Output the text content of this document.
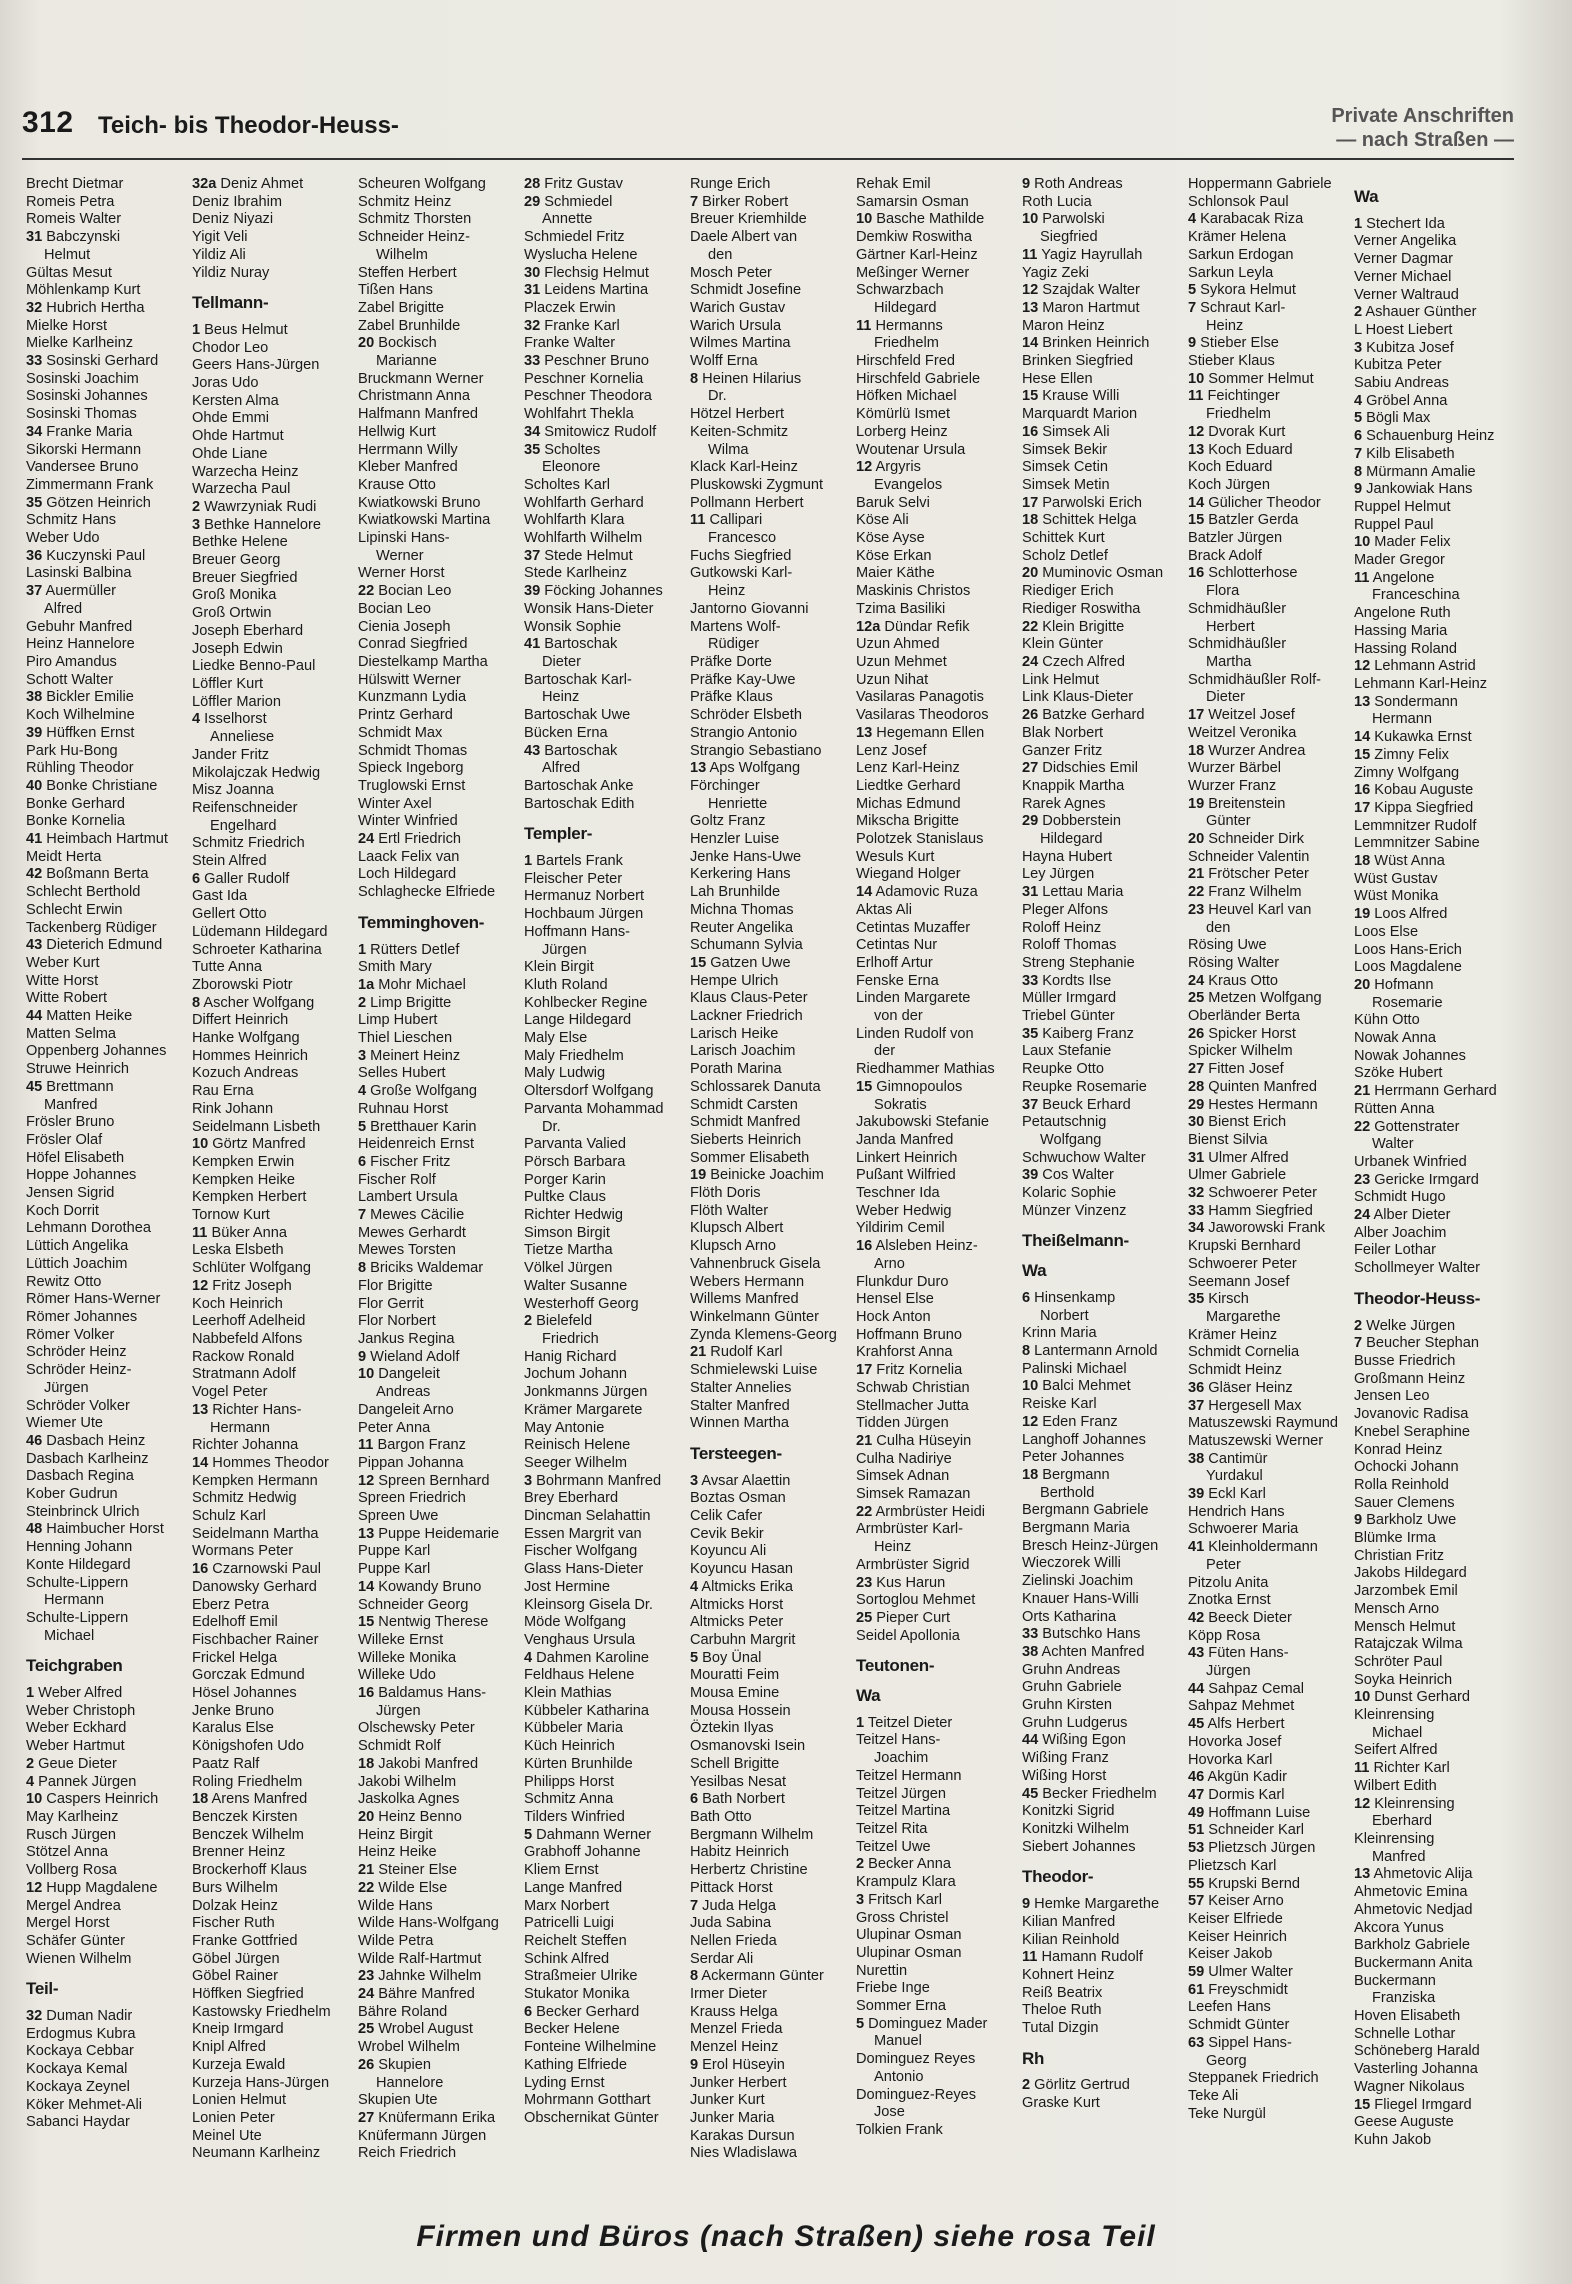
312 Teich- bis Theodor-Heuss-	Private Anschriften
— nach Straßen —
Brecht Dietmar
Romeis Petra
Romeis Walter
31 Babczynski
Helmut
Gültas Mesut
Möhlenkamp Kurt
32 Hubrich Hertha
Mielke Horst
Mielke Karlheinz
33 Sosinski Gerhard
Sosinski Joachim
Sosinski Johannes
Sosinski Thomas
34 Franke Maria
Sikorski Hermann
Vandersee Bruno
Zimmermann Frank
35 Götzen Heinrich
Schmitz Hans
Weber Udo
36 Kuczynski Paul
Lasinski Balbina
37 Auermüller
Alfred
Gebuhr Manfred
Heinz Hannelore
Piro Amandus
Schott Walter
38 Bickler Emilie
Koch Wilhelmine
39 Hüffken Ernst
Park Hu-Bong
Rühling Theodor
40 Bonke Christiane
Bonke Gerhard
Bonke Kornelia
41 Heimbach Hartmut
Meidt Herta
42 Boßmann Berta
Schlecht Berthold
Schlecht Erwin
Tackenberg Rüdiger
43 Dieterich Edmund
Weber Kurt
Witte Horst
Witte Robert
44 Matten Heike
Matten Selma
Oppenberg Johannes
Struwe Heinrich
45 Brettmann
Manfred
Frösler Bruno
Frösler Olaf
Höfel Elisabeth
Hoppe Johannes
Jensen Sigrid
Koch Dorrit
Lehmann Dorothea
Lüttich Angelika
Lüttich Joachim
Rewitz Otto
Römer Hans-Werner
Römer Johannes
Römer Volker
Schröder Heinz
Schröder Heinz-
Jürgen
Schröder Volker
Wiemer Ute
46 Dasbach Heinz
Dasbach Karlheinz
Dasbach Regina
Kober Gudrun
Steinbrinck Ulrich
48 Haimbucher Horst
Henning Johann
Konte Hildegard
Schulte-Lippern
Hermann
Schulte-Lippern
Michael
Teichgraben
1 Weber Alfred
Weber Christoph
Weber Eckhard
Weber Hartmut
2 Geue Dieter
4 Pannek Jürgen
10 Caspers Heinrich
May Karlheinz
Rusch Jürgen
Stötzel Anna
Vollberg Rosa
12 Hupp Magdalene
Mergel Andrea
Mergel Horst
Schäfer Günter
Wienen Wilhelm
Teil-
32 Duman Nadir
Erdogmus Kubra
Kockaya Cebbar
Kockaya Kemal
Kockaya Zeynel
Köker Mehmet-Ali
Sabanci Haydar
32a Deniz Ahmet
Deniz Ibrahim
Deniz Niyazi
Yigit Veli
Yildiz Ali
Yildiz Nuray
Tellmann-
1 Beus Helmut
Chodor Leo
Geers Hans-Jürgen
Joras Udo
Kersten Alma
Ohde Emmi
Ohde Hartmut
Ohde Liane
Warzecha Heinz
Warzecha Paul
2 Wawrzyniak Rudi
3 Bethke Hannelore
Bethke Helene
Breuer Georg
Breuer Siegfried
Groß Monika
Groß Ortwin
Joseph Eberhard
Joseph Edwin
Liedke Benno-Paul
Löffler Kurt
Löffler Marion
4 Isselhorst
Anneliese
Jander Fritz
Mikolajczak Hedwig
Misz Joanna
Reifenschneider
Engelhard
Schmitz Friedrich
Stein Alfred
6 Galler Rudolf
Gast Ida
Gellert Otto
Lüdemann Hildegard
Schroeter Katharina
Tutte Anna
Zborowski Piotr
8 Ascher Wolfgang
Differt Heinrich
Hanke Wolfgang
Hommes Heinrich
Kozuch Andreas
Rau Erna
Rink Johann
Seidelmann Lisbeth
10 Görtz Manfred
Kempken Erwin
Kempken Heike
Kempken Herbert
Tornow Kurt
11 Büker Anna
Leska Elsbeth
Schlüter Wolfgang
12 Fritz Joseph
Koch Heinrich
Leerhoff Adelheid
Nabbefeld Alfons
Rackow Ronald
Stratmann Adolf
Vogel Peter
13 Richter Hans-
Hermann
Richter Johanna
14 Hommes Theodor
Kempken Hermann
Schmitz Hedwig
Schulz Karl
Seidelmann Martha
Wormans Peter
16 Czarnowski Paul
Danowsky Gerhard
Eberz Petra
Edelhoff Emil
Fischbacher Rainer
Frickel Helga
Gorczak Edmund
Hösel Johannes
Jenke Bruno
Karalus Else
Königshofen Udo
Paatz Ralf
Roling Friedhelm
18 Arens Manfred
Benczek Kirsten
Benczek Wilhelm
Brenner Heinz
Brockerhoff Klaus
Burs Wilhelm
Dolzak Heinz
Fischer Ruth
Franke Gottfried
Göbel Jürgen
Göbel Rainer
Höffken Siegfried
Kastowsky Friedhelm
Kneip Irmgard
Knipl Alfred
Kurzeja Ewald
Kurzeja Hans-Jürgen
Lonien Helmut
Lonien Peter
Meinel Ute
Neumann Karlheinz
Scheuren Wolfgang
Schmitz Heinz
Schmitz Thorsten
Schneider Heinz-
Wilhelm
Steffen Herbert
Tißen Hans
Zabel Brigitte
Zabel Brunhilde
20 Bockisch
Marianne
Bruckmann Werner
Christmann Anna
Halfmann Manfred
Hellwig Kurt
Herrmann Willy
Kleber Manfred
Krause Otto
Kwiatkowski Bruno
Kwiatkowski Martina
Lipinski Hans-
Werner
Werner Horst
22 Bocian Leo
Bocian Leo
Cienia Joseph
Conrad Siegfried
Diestelkamp Martha
Hülswitt Werner
Kunzmann Lydia
Printz Gerhard
Schmidt Max
Schmidt Thomas
Spieck Ingeborg
Truglowski Ernst
Winter Axel
Winter Winfried
24 Ertl Friedrich
Laack Felix van
Loch Hildegard
Schlaghecke Elfriede
Temminghoven-
1 Rütters Detlef
Smith Mary
1a Mohr Michael
2 Limp Brigitte
Limp Hubert
Thiel Lieschen
3 Meinert Heinz
Selles Hubert
4 Große Wolfgang
Ruhnau Horst
5 Bretthauer Karin
Heidenreich Ernst
6 Fischer Fritz
Fischer Rolf
Lambert Ursula
7 Mewes Cäcilie
Mewes Gerhardt
Mewes Torsten
8 Briciks Waldemar
Flor Brigitte
Flor Gerrit
Flor Norbert
Jankus Regina
9 Wieland Adolf
10 Dangeleit
Andreas
Dangeleit Arno
Peter Anna
11 Bargon Franz
Pippan Johanna
12 Spreen Bernhard
Spreen Friedrich
Spreen Uwe
13 Puppe Heidemarie
Puppe Karl
Puppe Karl
14 Kowandy Bruno
Schneider Georg
15 Nentwig Therese
Willeke Ernst
Willeke Monika
Willeke Udo
16 Baldamus Hans-
Jürgen
Olschewsky Peter
Schmidt Rolf
18 Jakobi Manfred
Jakobi Wilhelm
Jaskolka Agnes
20 Heinz Benno
Heinz Birgit
Heinz Heike
21 Steiner Else
22 Wilde Else
Wilde Hans
Wilde Hans-Wolfgang
Wilde Petra
Wilde Ralf-Hartmut
23 Jahnke Wilhelm
24 Bähre Manfred
Bähre Roland
25 Wrobel August
Wrobel Wilhelm
26 Skupien
Hannelore
Skupien Ute
27 Knüfermann Erika
Knüfermann Jürgen
Reich Friedrich
28 Fritz Gustav
29 Schmiedel
Annette
Schmiedel Fritz
Wyslucha Helene
30 Flechsig Helmut
31 Leidens Martina
Placzek Erwin
32 Franke Karl
Franke Walter
33 Peschner Bruno
Peschner Kornelia
Peschner Theodora
Wohlfahrt Thekla
34 Smitowicz Rudolf
35 Scholtes
Eleonore
Scholtes Karl
Wohlfarth Gerhard
Wohlfarth Klara
Wohlfarth Wilhelm
37 Stede Helmut
Stede Karlheinz
39 Föcking Johannes
Wonsik Hans-Dieter
Wonsik Sophie
41 Bartoschak
Dieter
Bartoschak Karl-
Heinz
Bartoschak Uwe
Bücken Erna
43 Bartoschak
Alfred
Bartoschak Anke
Bartoschak Edith
Templer-
1 Bartels Frank
Fleischer Peter
Hermanuz Norbert
Hochbaum Jürgen
Hoffmann Hans-
Jürgen
Klein Birgit
Kluth Roland
Kohlbecker Regine
Lange Hildegard
Maly Else
Maly Friedhelm
Maly Ludwig
Oltersdorf Wolfgang
Parvanta Mohammad
Dr.
Parvanta Valied
Pörsch Barbara
Porger Karin
Pultke Claus
Richter Hedwig
Simson Birgit
Tietze Martha
Völkel Jürgen
Walter Susanne
Westerhoff Georg
2 Bielefeld
Friedrich
Hanig Richard
Jochum Johann
Jonkmanns Jürgen
Krämer Margarete
May Antonie
Reinisch Helene
Seeger Wilhelm
3 Bohrmann Manfred
Brey Eberhard
Dincman Selahattin
Essen Margrit van
Fischer Wolfgang
Glass Hans-Dieter
Jost Hermine
Kleinsorg Gisela Dr.
Möde Wolfgang
Venghaus Ursula
4 Dahmen Karoline
Feldhaus Helene
Klein Mathias
Kübbeler Katharina
Kübbeler Maria
Küch Heinrich
Kürten Brunhilde
Philipps Horst
Schmitz Anna
Tilders Winfried
5 Dahmann Werner
Grabhoff Johanne
Kliem Ernst
Lange Manfred
Marx Norbert
Patricelli Luigi
Reichelt Steffen
Schink Alfred
Straßmeier Ulrike
Stukator Monika
6 Becker Gerhard
Becker Helene
Fonteine Wilhelmine
Kathing Elfriede
Lyding Ernst
Mohrmann Gotthart
Obschernikat Günter
Runge Erich
7 Birker Robert
Breuer Kriemhilde
Daele Albert van
den
Mosch Peter
Schmidt Josefine
Warich Gustav
Warich Ursula
Wilmes Martina
Wolff Erna
8 Heinen Hilarius
Dr.
Hötzel Herbert
Keiten-Schmitz
Wilma
Klack Karl-Heinz
Pluskowski Zygmunt
Pollmann Herbert
11 Callipari
Francesco
Fuchs Siegfried
Gutkowski Karl-
Heinz
Jantorno Giovanni
Martens Wolf-
Rüdiger
Präfke Dorte
Präfke Kay-Uwe
Präfke Klaus
Schröder Elsbeth
Strangio Antonio
Strangio Sebastiano
13 Aps Wolfgang
Förchinger
Henriette
Goltz Franz
Henzler Luise
Jenke Hans-Uwe
Kerkering Hans
Lah Brunhilde
Michna Thomas
Reuter Angelika
Schumann Sylvia
15 Gatzen Uwe
Hempe Ulrich
Klaus Claus-Peter
Lackner Friedrich
Larisch Heike
Larisch Joachim
Porath Marina
Schlossarek Danuta
Schmidt Carsten
Schmidt Manfred
Sieberts Heinrich
Sommer Elisabeth
19 Beinicke Joachim
Flöth Doris
Flöth Walter
Klupsch Albert
Klupsch Arno
Vahnenbruck Gisela
Webers Hermann
Willems Manfred
Winkelmann Günter
Zynda Klemens-Georg
21 Rudolf Karl
Schmielewski Luise
Stalter Annelies
Stalter Manfred
Winnen Martha
Tersteegen-
3 Avsar Alaettin
Boztas Osman
Celik Cafer
Cevik Bekir
Koyuncu Ali
Koyuncu Hasan
4 Altmicks Erika
Altmicks Horst
Altmicks Peter
Carbuhn Margrit
5 Boy Ünal
Mouratti Feim
Mousa Emine
Mousa Hossein
Öztekin Ilyas
Osmanovski Isein
Schell Brigitte
Yesilbas Nesat
6 Bath Norbert
Bath Otto
Bergmann Wilhelm
Habitz Heinrich
Herbertz Christine
Pittack Horst
7 Juda Helga
Juda Sabina
Nellen Frieda
Serdar Ali
8 Ackermann Günter
Irmer Dieter
Krauss Helga
Menzel Frieda
Menzel Heinz
9 Erol Hüseyin
Junker Herbert
Junker Kurt
Junker Maria
Karakas Dursun
Nies Wladislawa
Rehak Emil
Samarsin Osman
10 Basche Mathilde
Demkiw Roswitha
Gärtner Karl-Heinz
Meßinger Werner
Schwarzbach
Hildegard
11 Hermanns
Friedhelm
Hirschfeld Fred
Hirschfeld Gabriele
Höfken Michael
Kömürlü Ismet
Lorberg Heinz
Woutenar Ursula
12 Argyris
Evangelos
Baruk Selvi
Köse Ali
Köse Ayse
Köse Erkan
Maier Käthe
Maskinis Christos
Tzima Basiliki
12a Dündar Refik
Uzun Ahmed
Uzun Mehmet
Uzun Nihat
Vasilaras Panagotis
Vasilaras Theodoros
13 Hegemann Ellen
Lenz Josef
Lenz Karl-Heinz
Liedtke Gerhard
Michas Edmund
Mikscha Brigitte
Polotzek Stanislaus
Wesuls Kurt
Wiegand Holger
14 Adamovic Ruza
Aktas Ali
Cetintas Muzaffer
Cetintas Nur
Erlhoff Artur
Fenske Erna
Linden Margarete
von der
Linden Rudolf von
der
Riedhammer Mathias
15 Gimnopoulos
Sokratis
Jakubowski Stefanie
Janda Manfred
Linkert Heinrich
Pußant Wilfried
Teschner Ida
Weber Hedwig
Yildirim Cemil
16 Alsleben Heinz-
Arno
Flunkdur Duro
Hensel Else
Hock Anton
Hoffmann Bruno
Krahforst Anna
17 Fritz Kornelia
Schwab Christian
Stellmacher Jutta
Tidden Jürgen
21 Culha Hüseyin
Culha Nadiriye
Simsek Adnan
Simsek Ramazan
22 Armbrüster Heidi
Armbrüster Karl-
Heinz
Armbrüster Sigrid
23 Kus Harun
Sortoglou Mehmet
25 Pieper Curt
Seidel Apollonia
Teutonen-
Wa
1 Teitzel Dieter
Teitzel Hans-
Joachim
Teitzel Hermann
Teitzel Jürgen
Teitzel Martina
Teitzel Rita
Teitzel Uwe
2 Becker Anna
Krampulz Klara
3 Fritsch Karl
Gross Christel
Ulupinar Osman
Ulupinar Osman
Nurettin
Friebe Inge
Sommer Erna
5 Dominguez Mader
Manuel
Dominguez Reyes
Antonio
Dominguez-Reyes
Jose
Tolkien Frank
9 Roth Andreas
Roth Lucia
10 Parwolski
Siegfried
11 Yagiz Hayrullah
Yagiz Zeki
12 Szajdak Walter
13 Maron Hartmut
Maron Heinz
14 Brinken Heinrich
Brinken Siegfried
Hese Ellen
15 Krause Willi
Marquardt Marion
16 Simsek Ali
Simsek Bekir
Simsek Cetin
Simsek Metin
17 Parwolski Erich
18 Schittek Helga
Schittek Kurt
Scholz Detlef
20 Muminovic Osman
Riediger Erich
Riediger Roswitha
22 Klein Brigitte
Klein Günter
24 Czech Alfred
Link Helmut
Link Klaus-Dieter
26 Batzke Gerhard
Blak Norbert
Ganzer Fritz
27 Didschies Emil
Knappik Martha
Rarek Agnes
29 Dobberstein
Hildegard
Hayna Hubert
Ley Jürgen
31 Lettau Maria
Pleger Alfons
Roloff Heinz
Roloff Thomas
Streng Stephanie
33 Kordts Ilse
Müller Irmgard
Triebel Günter
35 Kaiberg Franz
Laux Stefanie
Reupke Otto
Reupke Rosemarie
37 Beuck Erhard
Petautschnig
Wolfgang
Schwuchow Walter
39 Cos Walter
Kolaric Sophie
Münzer Vinzenz
Theißelmann-
Wa
6 Hinsenkamp
Norbert
Krinn Maria
8 Lantermann Arnold
Palinski Michael
10 Balci Mehmet
Reiske Karl
12 Eden Franz
Langhoff Johannes
Peter Johannes
18 Bergmann
Berthold
Bergmann Gabriele
Bergmann Maria
Bresch Heinz-Jürgen
Wieczorek Willi
Zielinski Joachim
Knauer Hans-Willi
Orts Katharina
33 Butschko Hans
38 Achten Manfred
Gruhn Andreas
Gruhn Gabriele
Gruhn Kirsten
Gruhn Ludgerus
44 Wißing Egon
Wißing Franz
Wißing Horst
45 Becker Friedhelm
Konitzki Sigrid
Konitzki Wilhelm
Siebert Johannes
Theodor-
9 Hemke Margarethe
Kilian Manfred
Kilian Reinhold
11 Hamann Rudolf
Kohnert Heinz
Reiß Beatrix
Theloe Ruth
Tutal Dizgin
Rh
2 Görlitz Gertrud
Graske Kurt
Hoppermann Gabriele
Schlonsok Paul
4 Karabacak Riza
Krämer Helena
Sarkun Erdogan
Sarkun Leyla
5 Sykora Helmut
7 Schraut Karl-
Heinz
9 Stieber Else
Stieber Klaus
10 Sommer Helmut
11 Feichtinger
Friedhelm
12 Dvorak Kurt
13 Koch Eduard
Koch Eduard
Koch Jürgen
14 Gülicher Theodor
15 Batzler Gerda
Batzler Jürgen
Brack Adolf
16 Schlotterhose
Flora
Schmidhäußler
Herbert
Schmidhäußler
Martha
Schmidhäußler Rolf-
Dieter
17 Weitzel Josef
Weitzel Veronika
18 Wurzer Andrea
Wurzer Bärbel
Wurzer Franz
19 Breitenstein
Günter
20 Schneider Dirk
Schneider Valentin
21 Frötscher Peter
22 Franz Wilhelm
23 Heuvel Karl van
den
Rösing Uwe
Rösing Walter
24 Kraus Otto
25 Metzen Wolfgang
Oberländer Berta
26 Spicker Horst
Spicker Wilhelm
27 Fitten Josef
28 Quinten Manfred
29 Hestes Hermann
30 Bienst Erich
Bienst Silvia
31 Ulmer Alfred
Ulmer Gabriele
32 Schwoerer Peter
33 Hamm Siegfried
34 Jaworowski Frank
Krupski Bernhard
Schwoerer Peter
Seemann Josef
35 Kirsch
Margarethe
Krämer Heinz
Schmidt Cornelia
Schmidt Heinz
36 Gläser Heinz
37 Hergesell Max
Matuszewski Raymund
Matuszewski Werner
38 Cantimür
Yurdakul
39 Eckl Karl
Hendrich Hans
Schwoerer Maria
41 Kleinholdermann
Peter
Pitzolu Anita
Znotka Ernst
42 Beeck Dieter
Köpp Rosa
43 Füten Hans-
Jürgen
44 Sahpaz Cemal
Sahpaz Mehmet
45 Alfs Herbert
Hovorka Josef
Hovorka Karl
46 Akgün Kadir
47 Dormis Karl
49 Hoffmann Luise
51 Schneider Karl
53 Plietzsch Jürgen
Plietzsch Karl
55 Krupski Bernd
57 Keiser Arno
Keiser Elfriede
Keiser Heinrich
Keiser Jakob
59 Ulmer Walter
61 Freyschmidt
Leefen Hans
Schmidt Günter
63 Sippel Hans-
Georg
Steppanek Friedrich
Teke Ali
Teke Nurgül
Wa
1 Stechert Ida
Verner Angelika
Verner Dagmar
Verner Michael
Verner Waltraud
2 Ashauer Günther
L Hoest Liebert
3 Kubitza Josef
Kubitza Peter
Sabiu Andreas
4 Gröbel Anna
5 Bögli Max
6 Schauenburg Heinz
7 Kilb Elisabeth
8 Mürmann Amalie
9 Jankowiak Hans
Ruppel Helmut
Ruppel Paul
10 Mader Felix
Mader Gregor
11 Angelone
Franceschina
Angelone Ruth
Hassing Maria
Hassing Roland
12 Lehmann Astrid
Lehmann Karl-Heinz
13 Sondermann
Hermann
14 Kukawka Ernst
15 Zimny Felix
Zimny Wolfgang
16 Kobau Auguste
17 Kippa Siegfried
Lemmnitzer Rudolf
Lemmnitzer Sabine
18 Wüst Anna
Wüst Gustav
Wüst Monika
19 Loos Alfred
Loos Else
Loos Hans-Erich
Loos Magdalene
20 Hofmann
Rosemarie
Kühn Otto
Nowak Anna
Nowak Johannes
Szöke Hubert
21 Herrmann Gerhard
Rütten Anna
22 Gottenstrater
Walter
Urbanek Winfried
23 Gericke Irmgard
Schmidt Hugo
24 Alber Dieter
Alber Joachim
Feiler Lothar
Schollmeyer Walter
Theodor-Heuss-
2 Welke Jürgen
7 Beucher Stephan
Busse Friedrich
Großmann Heinz
Jensen Leo
Jovanovic Radisa
Knebel Seraphine
Konrad Heinz
Ochocki Johann
Rolla Reinhold
Sauer Clemens
9 Barkholz Uwe
Blümke Irma
Christian Fritz
Jakobs Hildegard
Jarzombek Emil
Mensch Arno
Mensch Helmut
Ratajczak Wilma
Schröter Paul
Soyka Heinrich
10 Dunst Gerhard
Kleinrensing
Michael
Seifert Alfred
11 Richter Karl
Wilbert Edith
12 Kleinrensing
Eberhard
Kleinrensing
Manfred
13 Ahmetovic Alija
Ahmetovic Emina
Ahmetovic Nedjad
Akcora Yunus
Barkholz Gabriele
Buckermann Anita
Buckermann
Franziska
Hoven Elisabeth
Schnelle Lothar
Schöneberg Harald
Vasterling Johanna
Wagner Nikolaus
15 Fliegel Irmgard
Geese Auguste
Kuhn Jakob
Firmen und Büros (nach Straßen) siehe rosa Teil
